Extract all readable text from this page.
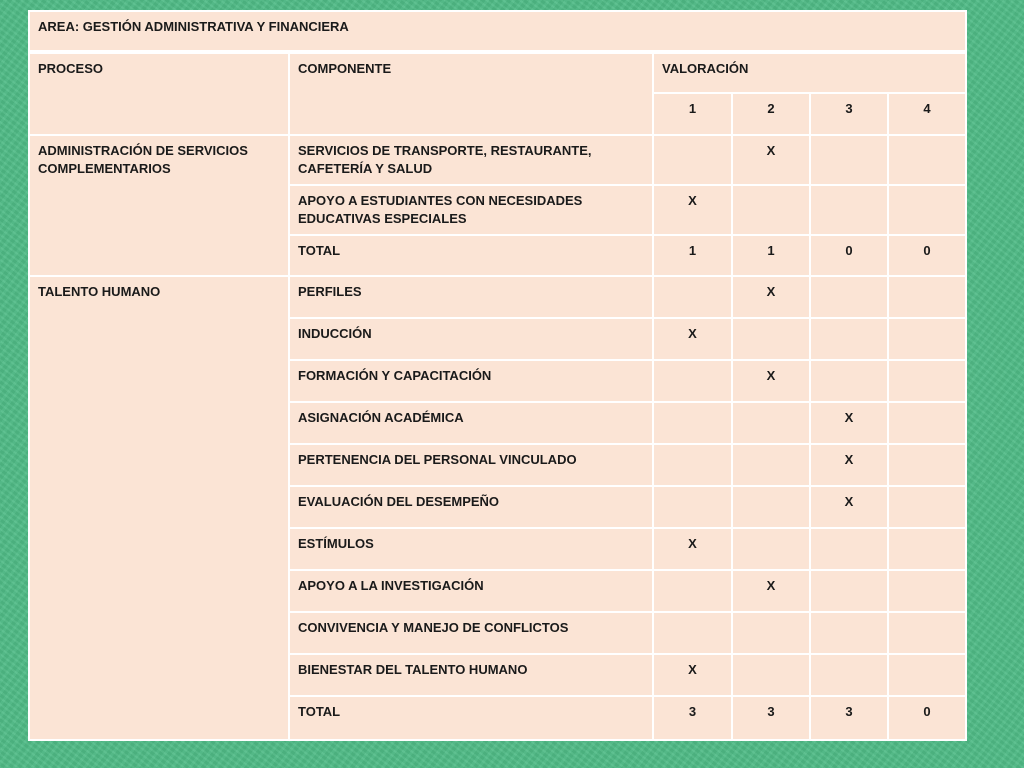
AREA: GESTIÓN ADMINISTRATIVA Y FINANCIERA					
PROCESO	COMPONENTE	VALORACIÓN			
		1	2	3	4
ADMINISTRACIÓN DE SERVICIOS COMPLEMENTARIOS	SERVICIOS DE TRANSPORTE, RESTAURANTE, CAFETERÍA Y SALUD		X		
	APOYO A ESTUDIANTES CON NECESIDADES EDUCATIVAS ESPECIALES	X			
	TOTAL	1	1	0	0
TALENTO HUMANO	PERFILES		X		
	INDUCCIÓN	X			
	FORMACIÓN Y CAPACITACIÓN		X		
	ASIGNACIÓN ACADÉMICA			X	
	PERTENENCIA DEL PERSONAL VINCULADO			X	
	EVALUACIÓN DEL DESEMPEÑO			X	
	ESTÍMULOS	X			
	APOYO A LA INVESTIGACIÓN		X		
	CONVIVENCIA Y MANEJO DE CONFLICTOS				
	BIENESTAR DEL TALENTO HUMANO	X			
	TOTAL	3	3	3	0
